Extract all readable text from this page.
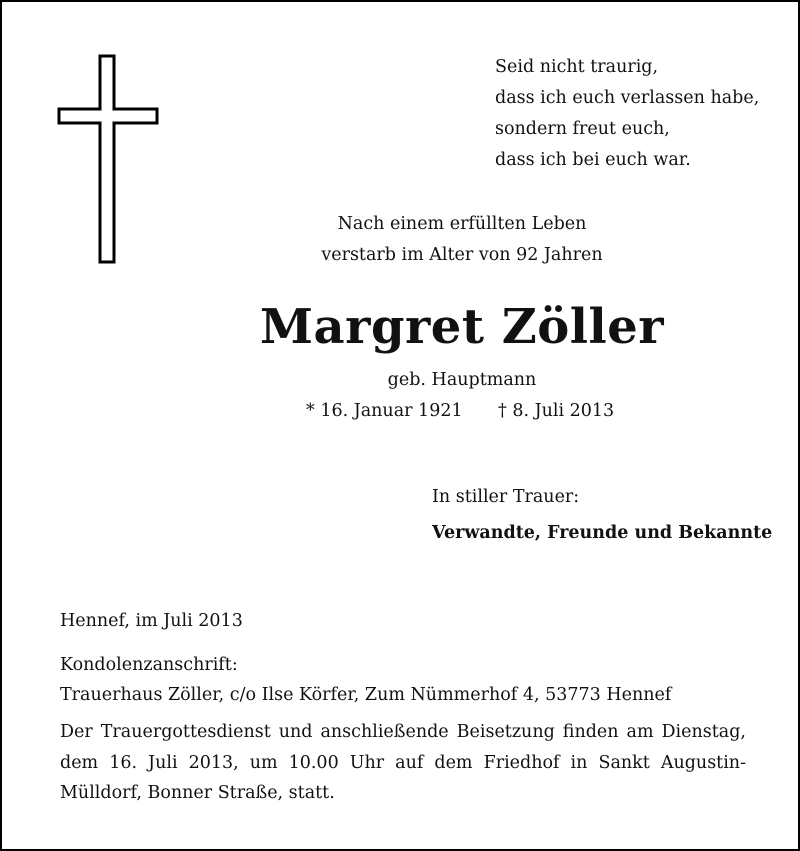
Seid nicht traurig,
dass ich euch verlassen habe,
sondern freut euch,
dass ich bei euch war.
Nach einem erfüllten Leben
verstarb im Alter von 92 Jahren
Margret Zöller
geb. Hauptmann
* 16. Januar 1921 † 8. Juli 2013
In stiller Trauer:
Verwandte, Freunde und Bekannte
Hennef, im Juli 2013
Kondolenzanschrift:
Trauerhaus Zöller, c/o Ilse Körfer, Zum Nümmerhof 4, 53773 Hennef
Der Trauergottesdienst und anschließende Beisetzung finden am Dienstag, dem 16. Juli 2013, um 10.00 Uhr auf dem Friedhof in Sankt Augustin-Mülldorf, Bonner Straße, statt.
